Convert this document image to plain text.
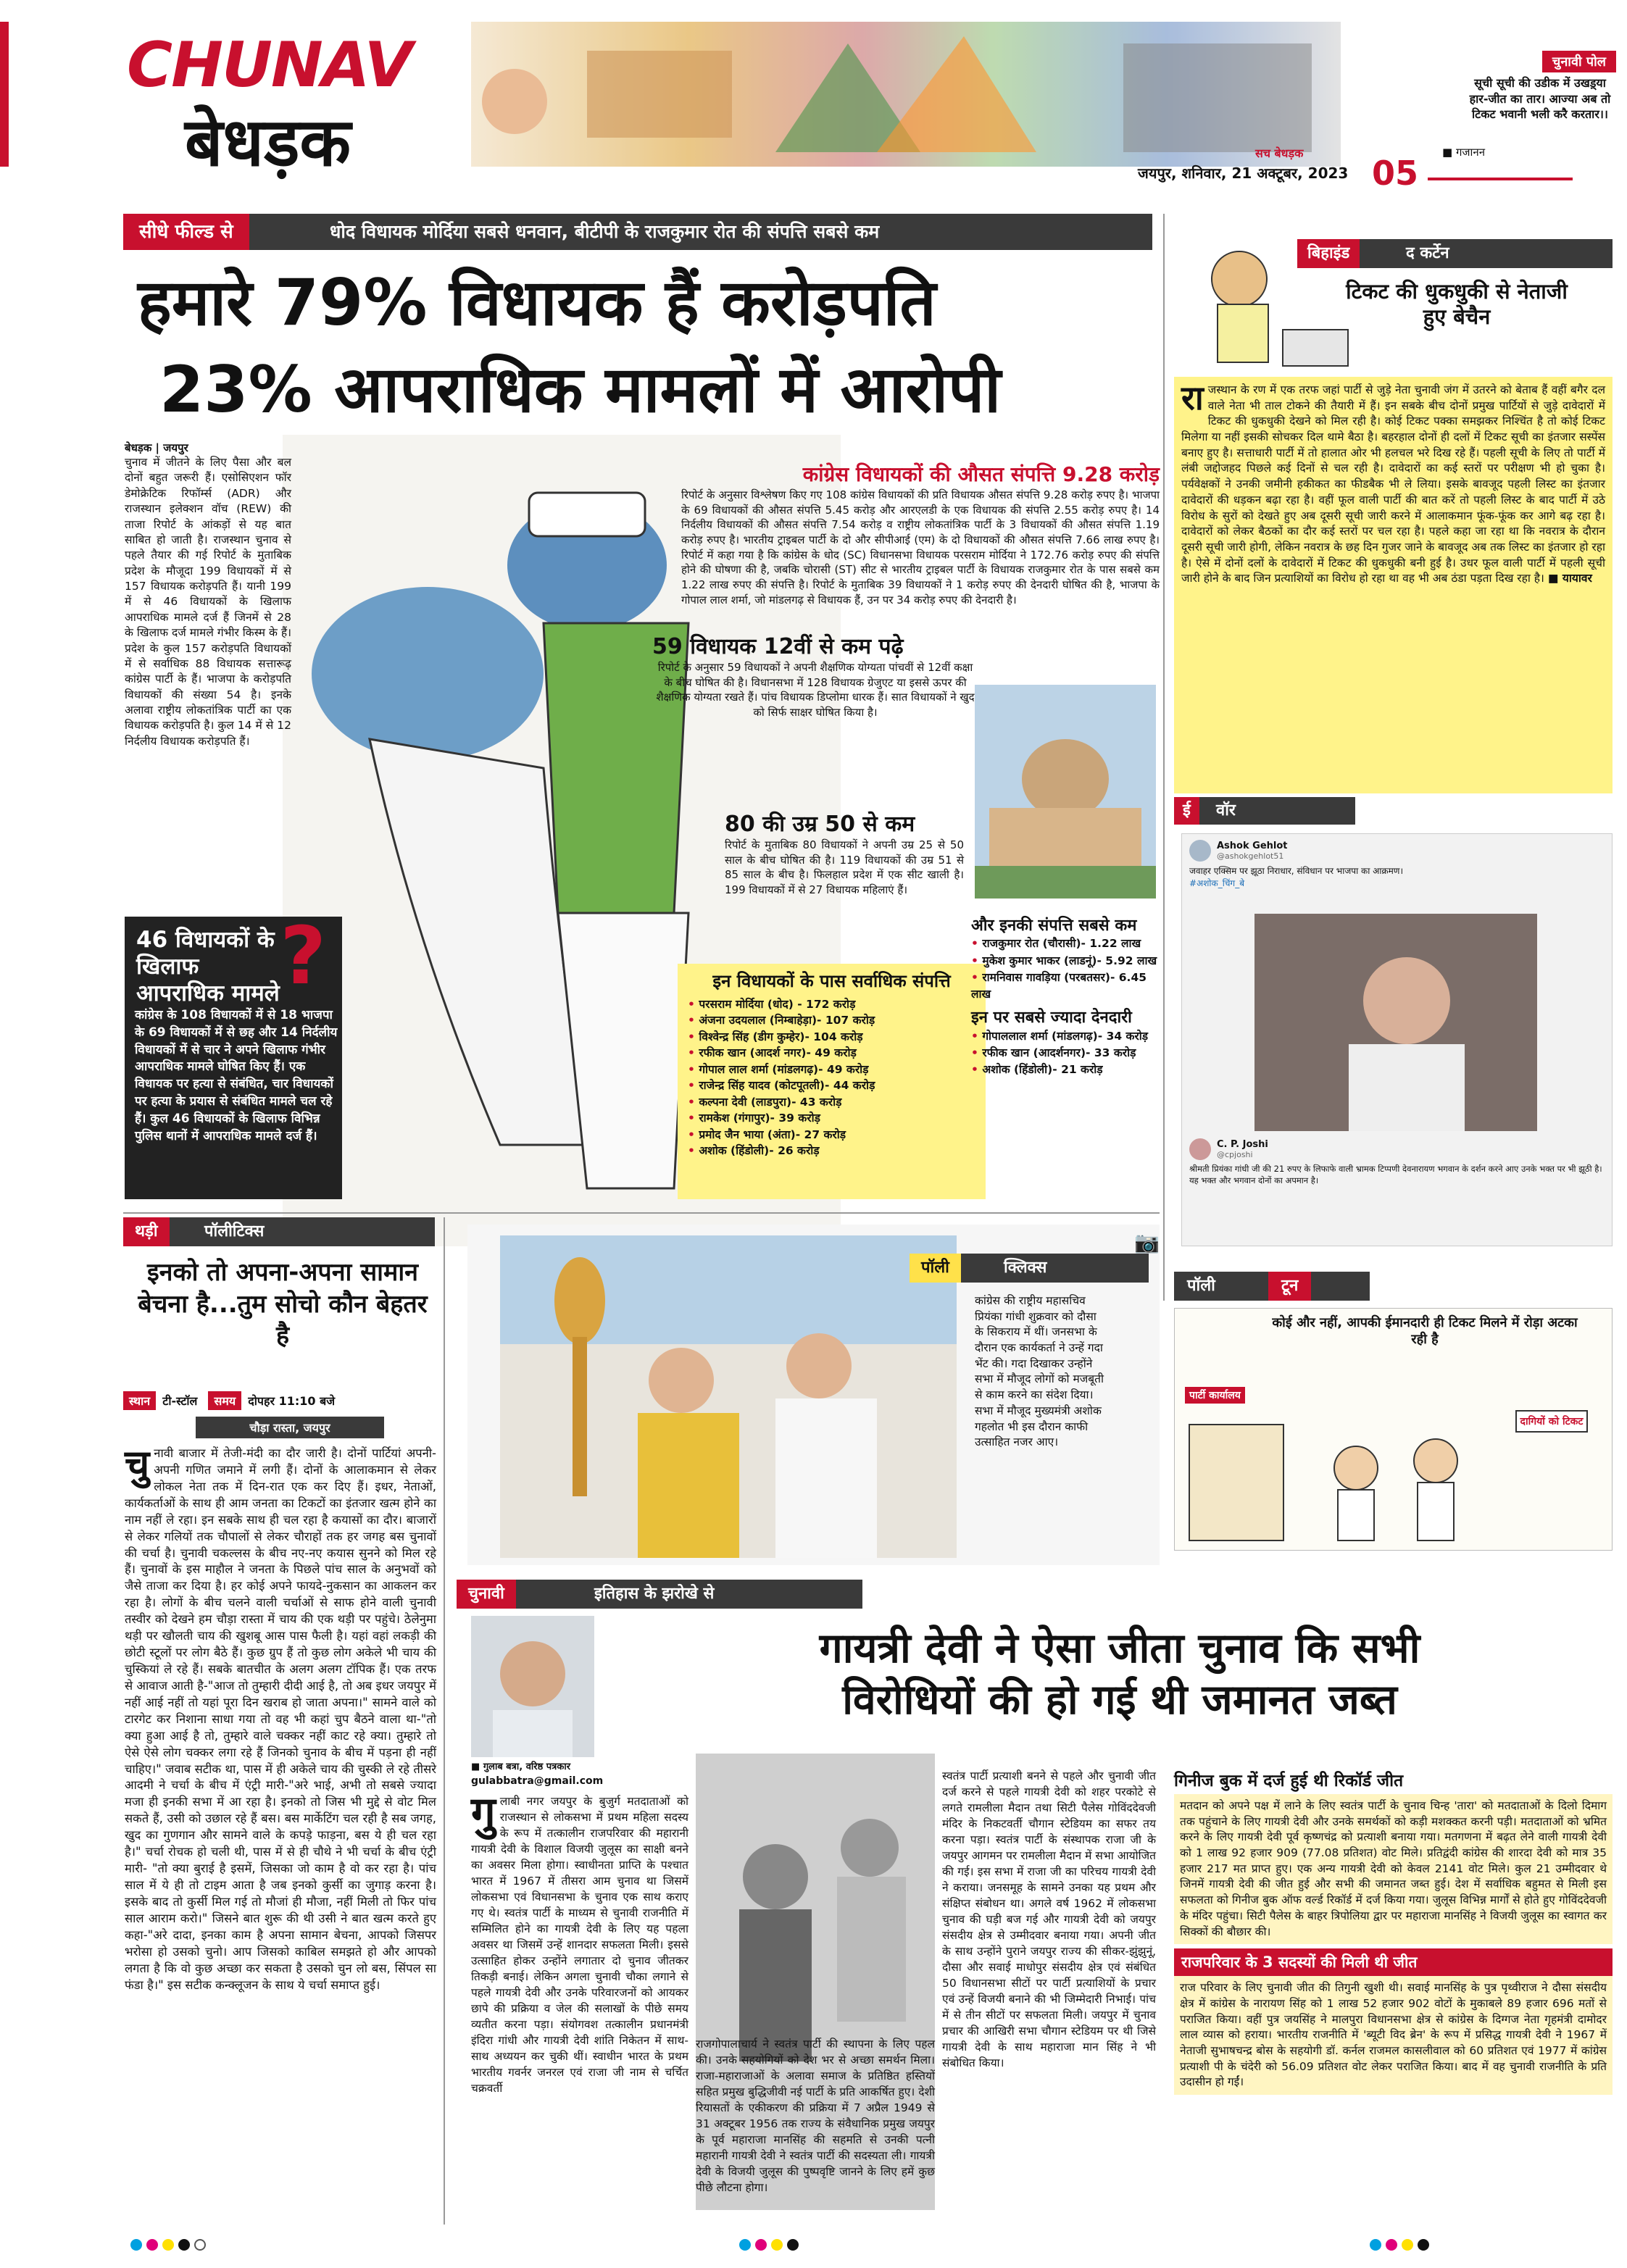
CHUNAV
बेधड़क
चुनावी पोल
सूची सूची की उडीक में उखड़्या हार-जीत का तार। आज्या अब तो टिकट भवानी भली करै करतार।।
■ गजानन
सच बेधड़क
जयपुर, शनिवार, 21 अक्टूबर, 2023 05
सीधे फील्ड से	धोद विधायक मोर्दिया सबसे धनवान, बीटीपी के राजकुमार रोत की संपत्ति सबसे कम
हमारे 79% विधायक हैं करोड़पति
23% आपराधिक मामलों में आरोपी
बेधड़क | जयपुर
चुनाव में जीतने के लिए पैसा और बल दोनों बहुत जरूरी हैं। एसोसिएशन फॉर डेमोक्रेटिक रिफॉर्म्स (ADR) और राजस्थान इलेक्शन वॉच (REW) की ताजा रिपोर्ट के आंकड़ों से यह बात साबित हो जाती है। राजस्थान चुनाव से पहले तैयार की गई रिपोर्ट के मुताबिक प्रदेश के मौजूदा 199 विधायकों में से 157 विधायक करोड़पति हैं। यानी 199 में से 46 विधायकों के खिलाफ आपराधिक मामले दर्ज हैं जिनमें से 28 के खिलाफ दर्ज मामले गंभीर किस्म के हैं। प्रदेश के कुल 157 करोड़पति विधायकों में से सर्वाधिक 88 विधायक सत्तारूढ़ कांग्रेस पार्टी के हैं। भाजपा के करोड़पति विधायकों की संख्या 54 है। इनके अलावा राष्ट्रीय लोकतांत्रिक पार्टी का एक विधायक करोड़पति है। कुल 14 में से 12 निर्दलीय विधायक करोड़पति हैं।
कांग्रेस विधायकों की औसत संपत्ति 9.28 करोड़
रिपोर्ट के अनुसार विश्लेषण किए गए 108 कांग्रेस विधायकों की प्रति विधायक औसत संपत्ति 9.28 करोड़ रुपए है। भाजपा के 69 विधायकों की औसत संपत्ति 5.45 करोड़ और आरएलडी के एक विधायक की संपत्ति 2.55 करोड़ रुपए है। 14 निर्दलीय विधायकों की औसत संपत्ति 7.54 करोड़ व राष्ट्रीय लोकतांत्रिक पार्टी के 3 विधायकों की औसत संपत्ति 1.19 करोड़ रुपए है। भारतीय ट्राइबल पार्टी के दो और सीपीआई (एम) के दो विधायकों की औसत संपत्ति 7.66 लाख रुपए है। रिपोर्ट में कहा गया है कि कांग्रेस के धोद (SC) विधानसभा विधायक परसराम मोर्दिया ने 172.76 करोड़ रुपए की संपत्ति होने की घोषणा की है, जबकि चोरासी (ST) सीट से भारतीय ट्राइबल पार्टी के विधायक राजकुमार रोत के पास सबसे कम 1.22 लाख रुपए की संपत्ति है। रिपोर्ट के मुताबिक 39 विधायकों ने 1 करोड़ रुपए की देनदारी घोषित की है, भाजपा के गोपाल लाल शर्मा, जो मांडलगढ़ से विधायक हैं, उन पर 34 करोड़ रुपए की देनदारी है।
59 विधायक 12वीं से कम पढ़े
रिपोर्ट के अनुसार 59 विधायकों ने अपनी शैक्षणिक योग्यता पांचवीं से 12वीं कक्षा के बीच घोषित की है। विधानसभा में 128 विधायक ग्रेजुएट या इससे ऊपर की शैक्षणिक योग्यता रखते हैं। पांच विधायक डिप्लोमा धारक हैं। सात विधायकों ने खुद को सिर्फ साक्षर घोषित किया है।
80 की उम्र 50 से कम
रिपोर्ट के मुताबिक 80 विधायकों ने अपनी उम्र 25 से 50 साल के बीच घोषित की है। 119 विधायकों की उम्र 51 से 85 साल के बीच है। फिलहाल प्रदेश में एक सीट खाली है। 199 विधायकों में से 27 विधायक महिलाएं हैं।
46 विधायकों के खिलाफ आपराधिक मामले ?
कांग्रेस के 108 विधायकों में से 18 भाजपा के 69 विधायकों में से छह और 14 निर्दलीय विधायकों में से चार ने अपने खिलाफ गंभीर आपराधिक मामले घोषित किए हैं। एक विधायक पर हत्या से संबंधित, चार विधायकों पर हत्या के प्रयास से संबंधित मामले चल रहे हैं। कुल 46 विधायकों के खिलाफ विभिन्न पुलिस थानों में आपराधिक मामले दर्ज हैं।
इन विधायकों के पास सर्वाधिक संपत्ति
• परसराम मोर्दिया (धोद) - 172 करोड़
• अंजना उदयलाल (निम्बाहेड़ा)- 107 करोड़
• विश्वेन्द्र सिंह (डीग कुम्हेर)- 104 करोड़
• रफीक खान (आदर्श नगर)- 49 करोड़
• गोपाल लाल शर्मा (मांडलगढ़)- 49 करोड़
• राजेन्द्र सिंह यादव (कोटपूतली)- 44 करोड़
• कल्पना देवी (लाडपुरा)- 43 करोड़
• रामकेश (गंगापुर)- 39 करोड़
• प्रमोद जैन भाया (अंता)- 27 करोड़
• अशोक (हिंडोली)- 26 करोड़
और इनकी संपत्ति सबसे कम
• राजकुमार रोत (चौरासी)- 1.22 लाख
• मुकेश कुमार भाकर (लाडनूं)- 5.92 लाख
• रामनिवास गावड़िया (परबतसर)- 6.45 लाख
इन पर सबसे ज्यादा देनदारी
• गोपाललाल शर्मा (मांडलगढ़)- 34 करोड़
• रफीक खान (आदर्शनगर)- 33 करोड़
• अशोक (हिंडोली)- 21 करोड़
बिहाइंड	द कर्टेन
टिकट की धुकधुकी से नेताजी हुए बेचैन
राजस्थान के रण में एक तरफ जहां पार्टी से जुड़े नेता चुनावी जंग में उतरने को बेताब हैं वहीं बगैर दल वाले नेता भी ताल टोकने की तैयारी में हैं। इन सबके बीच दोनों प्रमुख पार्टियों से जुड़े दावेदारों में टिकट की धुकधुकी देखने को मिल रही है। कोई टिकट पक्का समझकर निश्चिंत है तो कोई टिकट मिलेगा या नहीं इसकी सोचकर दिल थामे बैठा है। बहरहाल दोनों ही दलों में टिकट सूची का इंतजार सस्पेंस बनाए हुए है। सत्ताधारी पार्टी में तो हालात ओर भी हलचल भरे दिख रहे हैं। पहली सूची के लिए तो पार्टी में लंबी जद्दोजहद पिछले कई दिनों से चल रही है। दावेदारों का कई स्तरों पर परीक्षण भी हो चुका है। पर्यवेक्षकों ने उनकी जमीनी हकीकत का फीडबैक भी ले लिया। इसके बावजूद पहली लिस्ट का इंतजार दावेदारों की धड़कन बढ़ा रहा है। वहीं फूल वाली पार्टी की बात करें तो पहली लिस्ट के बाद पार्टी में उठे विरोध के सुरों को देखते हुए अब दूसरी सूची जारी करने में आलाकमान फूंक-फूंक कर आगे बढ़ रहा है। दावेदारों को लेकर बैठकों का दौर कई स्तरों पर चल रहा है। पहले कहा जा रहा था कि नवरात्र के दौरान दूसरी सूची जारी होगी, लेकिन नवरात्र के छह दिन गुजर जाने के बावजूद अब तक लिस्ट का इंतजार हो रहा है। ऐसे में दोनों दलों के दावेदारों में टिकट की धुकधुकी बनी हुई है। उधर फूल वाली पार्टी में पहली सूची जारी होने के बाद जिन प्रत्याशियों का विरोध हो रहा था वह भी अब ठंडा पड़ता दिख रहा है। ■ यायावर
ई	वॉर
Ashok Gehlot
@ashokgehlot51
जवाहर एक्सिम पर झूठा निराधार, संविधान पर भाजपा का आक्रमण।
#अशोक_चिंग_बे
C. P. Joshi
@cpjoshi
श्रीमती प्रियंका गांधी जी की 21 रुपए के लिफाफे वाली भ्रामक टिप्पणी देवनारायण भगवान के दर्शन करने आए उनके भक्त पर भी झूठी है। यह भक्त और भगवान दोनों का अपमान है।
पॉली	टून
कोई और नहीं, आपकी ईमानदारी ही टिकट मिलने में रोड़ा अटका रही है
पार्टी कार्यालय
दागियों को टिकट
थड़ी	पॉलीटिक्स
इनको तो अपना-अपना सामान बेचना है...तुम सोचो कौन बेहतर है
स्थान टी-स्टॉल समय दोपहर 11:10 बजे
चौड़ा रास्ता, जयपुर
चुनावी बाजार में तेजी-मंदी का दौर जारी है। दोनों पार्टियां अपनी-अपनी गणित जमाने में लगी हैं। दोनों के आलाकमान से लेकर लोकल नेता तक में दिन-रात एक कर दिए हैं। इधर, नेताओं, कार्यकर्ताओं के साथ ही आम जनता का टिकटों का इंतजार खत्म होने का नाम नहीं ले रहा। इन सबके साथ ही चल रहा है कयासों का दौर। बाजारों से लेकर गलियों तक चौपालों से लेकर चौराहों तक हर जगह बस चुनावों की चर्चा है। चुनावी चकल्लस के बीच नए-नए कयास सुनने को मिल रहे हैं। चुनावों के इस माहौल ने जनता के पिछले पांच साल के अनुभवों को जैसे ताजा कर दिया है। हर कोई अपने फायदे-नुकसान का आकलन कर रहा है। लोगों के बीच चलने वाली चर्चाओं से साफ होने वाली चुनावी तस्वीर को देखने हम चौड़ा रास्ता में चाय की एक थड़ी पर पहुंचे। ठेलेनुमा थड़ी पर खौलती चाय की खुशबू आस पास फैली है। यहां वहां लकड़ी की छोटी स्टूलों पर लोग बैठे हैं। कुछ ग्रुप हैं तो कुछ लोग अकेले भी चाय की चुस्कियां ले रहे हैं। सबके बातचीत के अलग अलग टॉपिक हैं। एक तरफ से आवाज आती है-"आज तो तुम्हारी दीदी आई है, तो अब इधर जयपुर में नहीं आई नहीं तो यहां पूरा दिन खराब हो जाता अपना।" सामने वाले को टारगेट कर निशाना साधा गया तो वह भी कहां चुप बैठने वाला था-"तो क्या हुआ आई है तो, तुम्हारे वाले चक्कर नहीं काट रहे क्या। तुम्हारे तो ऐसे ऐसे लोग चक्कर लगा रहे हैं जिनको चुनाव के बीच में पड़ना ही नहीं चाहिए।" जवाब सटीक था, पास में ही अकेले चाय की चुस्की ले रहे तीसरे आदमी ने चर्चा के बीच में एंट्री मारी-"अरे भाई, अभी तो सबसे ज्यादा मजा ही इनकी सभा में आ रहा है। इनको तो जिस भी मुद्दे से वोट मिल सकते हैं, उसी को उछाल रहे हैं बस। बस मार्केटिंग चल रही है सब जगह, खुद का गुणगान और सामने वाले के कपड़े फाड़ना, बस ये ही चल रहा है।" चर्चा रोचक हो चली थी, पास में से ही चौथे ने भी चर्चा के बीच एंट्री मारी- "तो क्या बुराई है इसमें, जिसका जो काम है वो कर रहा है। पांच साल में ये ही तो टाइम आता है जब इनको कुर्सी का जुगाड़ करना है। इसके बाद तो कुर्सी मिल गई तो मौजां ही मौजा, नहीं मिली तो फिर पांच साल आराम करो।" जिसने बात शुरू की थी उसी ने बात खत्म करते हुए कहा-"अरे दादा, इनका काम है अपना सामान बेचना, आपको जिसपर भरोसा हो उसको चुनो। आप जिसको काबिल समझते हो और आपको लगता है कि वो कुछ अच्छा कर सकता है उसको चुन लो बस, सिंपल सा फंडा है।" इस सटीक कन्क्लूजन के साथ ये चर्चा समाप्त हुई।
पॉली	क्लिक्स
📷
कांग्रेस की राष्ट्रीय महासचिव प्रियंका गांधी शुक्रवार को दौसा के सिकराय में थीं। जनसभा के दौरान एक कार्यकर्ता ने उन्हें गदा भेंट की। गदा दिखाकर उन्होंने सभा में मौजूद लोगों को मजबूती से काम करने का संदेश दिया। सभा में मौजूद मुख्यमंत्री अशोक गहलोत भी इस दौरान काफी उत्साहित नजर आए।
चुनावी	इतिहास के झरोखे से
■ गुलाब बत्रा, वरिष्ठ पत्रकार
gulabbatra@gmail.com
गायत्री देवी ने ऐसा जीता चुनाव कि सभी
विरोधियों की हो गई थी जमानत जब्त
गुलाबी नगर जयपुर के बुजुर्ग मतदाताओं को राजस्थान से लोकसभा में प्रथम महिला सदस्य के रूप में तत्कालीन राजपरिवार की महारानी गायत्री देवी के विशाल विजयी जुलूस का साक्षी बनने का अवसर मिला होगा। स्वाधीनता प्राप्ति के पश्चात भारत में 1967 में तीसरा आम चुनाव था जिसमें लोकसभा एवं विधानसभा के चुनाव एक साथ कराए गए थे। स्वतंत्र पार्टी के माध्यम से चुनावी राजनीति में सम्मिलित होने का गायत्री देवी के लिए यह पहला अवसर था जिसमें उन्हें शानदार सफलता मिली। इससे उत्साहित होकर उन्होंने लगातार दो चुनाव जीतकर तिकड़ी बनाई। लेकिन अगला चुनावी चौका लगाने से पहले गायत्री देवी और उनके परिवारजनों को आयकर छापे की प्रक्रिया व जेल की सलाखों के पीछे समय व्यतीत करना पड़ा। संयोगवश तत्कालीन प्रधानमंत्री इंदिरा गांधी और गायत्री देवी शांति निकेतन में साथ-साथ अध्ययन कर चुकी थीं। स्वाधीन भारत के प्रथम भारतीय गवर्नर जनरल एवं राजा जी नाम से चर्चित चक्रवर्ती
राजगोपालाचार्य ने स्वतंत्र पार्टी की स्थापना के लिए पहल की। उनके सहयोगियों को देश भर से अच्छा समर्थन मिला। राजा-महाराजाओं के अलावा समाज के प्रतिष्ठित हस्तियों सहित प्रमुख बुद्धिजीवी नई पार्टी के प्रति आकर्षित हुए। देशी रियासतों के एकीकरण की प्रक्रिया में 7 अप्रैल 1949 से 31 अक्टूबर 1956 तक राज्य के संवैधानिक प्रमुख जयपुर के पूर्व महाराजा मानसिंह की सहमति से उनकी पत्नी महारानी गायत्री देवी ने स्वतंत्र पार्टी की सदस्यता ली। गायत्री देवी के विजयी जुलूस की पुष्पवृष्टि जानने के लिए हमें कुछ पीछे लौटना होगा।
स्वतंत्र पार्टी प्रत्याशी बनने से पहले और चुनावी जीत दर्ज करने से पहले गायत्री देवी को शहर परकोटे से लगते रामलीला मैदान तथा सिटी पैलेस गोविंददेवजी मंदिर के निकटवर्ती चौगान स्टेडियम का सफर तय करना पड़ा। स्वतंत्र पार्टी के संस्थापक राजा जी के जयपुर आगमन पर रामलीला मैदान में सभा आयोजित की गई। इस सभा में राजा जी का परिचय गायत्री देवी ने कराया। जनसमूह के सामने उनका यह प्रथम और संक्षिप्त संबोधन था। अगले वर्ष 1962 में लोकसभा चुनाव की घड़ी बज गई और गायत्री देवी को जयपुर संसदीय क्षेत्र से उम्मीदवार बनाया गया। अपनी जीत के साथ उन्होंने पुराने जयपुर राज्य की सीकर-झुंझुनूं, दौसा और सवाई माधोपुर संसदीय क्षेत्र एवं संबंधित 50 विधानसभा सीटों पर पार्टी प्रत्याशियों के प्रचार एवं उन्हें विजयी बनाने की भी जिम्मेदारी निभाई। पांच में से तीन सीटों पर सफलता मिली। जयपुर में चुनाव प्रचार की आखिरी सभा चौगान स्टेडियम पर थी जिसे गायत्री देवी के साथ महाराजा मान सिंह ने भी संबोधित किया।
गिनीज बुक में दर्ज हुई थी रिकॉर्ड जीत
मतदान को अपने पक्ष में लाने के लिए स्वतंत्र पार्टी के चुनाव चिन्ह 'तारा' को मतदाताओं के दिलो दिमाग तक पहुंचाने के लिए गायत्री देवी और उनके समर्थकों को कड़ी मशक्कत करनी पड़ी। मतदाताओं को भ्रमित करने के लिए गायत्री देवी पूर्व कृष्णचंद्र को प्रत्याशी बनाया गया। मतगणना में बढ़त लेने वाली गायत्री देवी को 1 लाख 92 हजार 909 (77.08 प्रतिशत) वोट मिले। प्रतिद्वंदी कांग्रेस की शारदा देवी को मात्र 35 हजार 217 मत प्राप्त हुए। एक अन्य गायत्री देवी को केवल 2141 वोट मिले। कुल 21 उम्मीदवार थे जिनमें गायत्री देवी की जीत हुई और सभी की जमानत जब्त हुई। देश में सर्वाधिक बहुमत से मिली इस सफलता को गिनीज बुक ऑफ वर्ल्ड रिकॉर्ड में दर्ज किया गया। जुलूस विभिन्न मार्गों से होते हुए गोविंददेवजी के मंदिर पहुंचा। सिटी पैलेस के बाहर त्रिपोलिया द्वार पर महाराजा मानसिंह ने विजयी जुलूस का स्वागत कर सिक्कों की बौछार की।
राजपरिवार के 3 सदस्यों की मिली थी जीत
राज परिवार के लिए चुनावी जीत की तिगुनी खुशी थी। सवाई मानसिंह के पुत्र पृथ्वीराज ने दौसा संसदीय क्षेत्र में कांग्रेस के नारायण सिंह को 1 लाख 52 हजार 902 वोटों के मुकाबले 89 हजार 696 मतों से पराजित किया। वहीं पुत्र जयसिंह ने मालपुरा विधानसभा क्षेत्र से कांग्रेस के दिग्गज नेता गृहमंत्री दामोदर लाल व्यास को हराया। भारतीय राजनीति में 'ब्यूटी विद ब्रेन' के रूप में प्रसिद्ध गायत्री देवी ने 1967 में नेताजी सुभाषचन्द्र बोस के सहयोगी डॉ. कर्नल राजमल कासलीवाल को 60 प्रतिशत एवं 1977 में कांग्रेस प्रत्याशी पी के चंदेरी को 56.09 प्रतिशत वोट लेकर पराजित किया। बाद में वह चुनावी राजनीति के प्रति उदासीन हो गईं।
